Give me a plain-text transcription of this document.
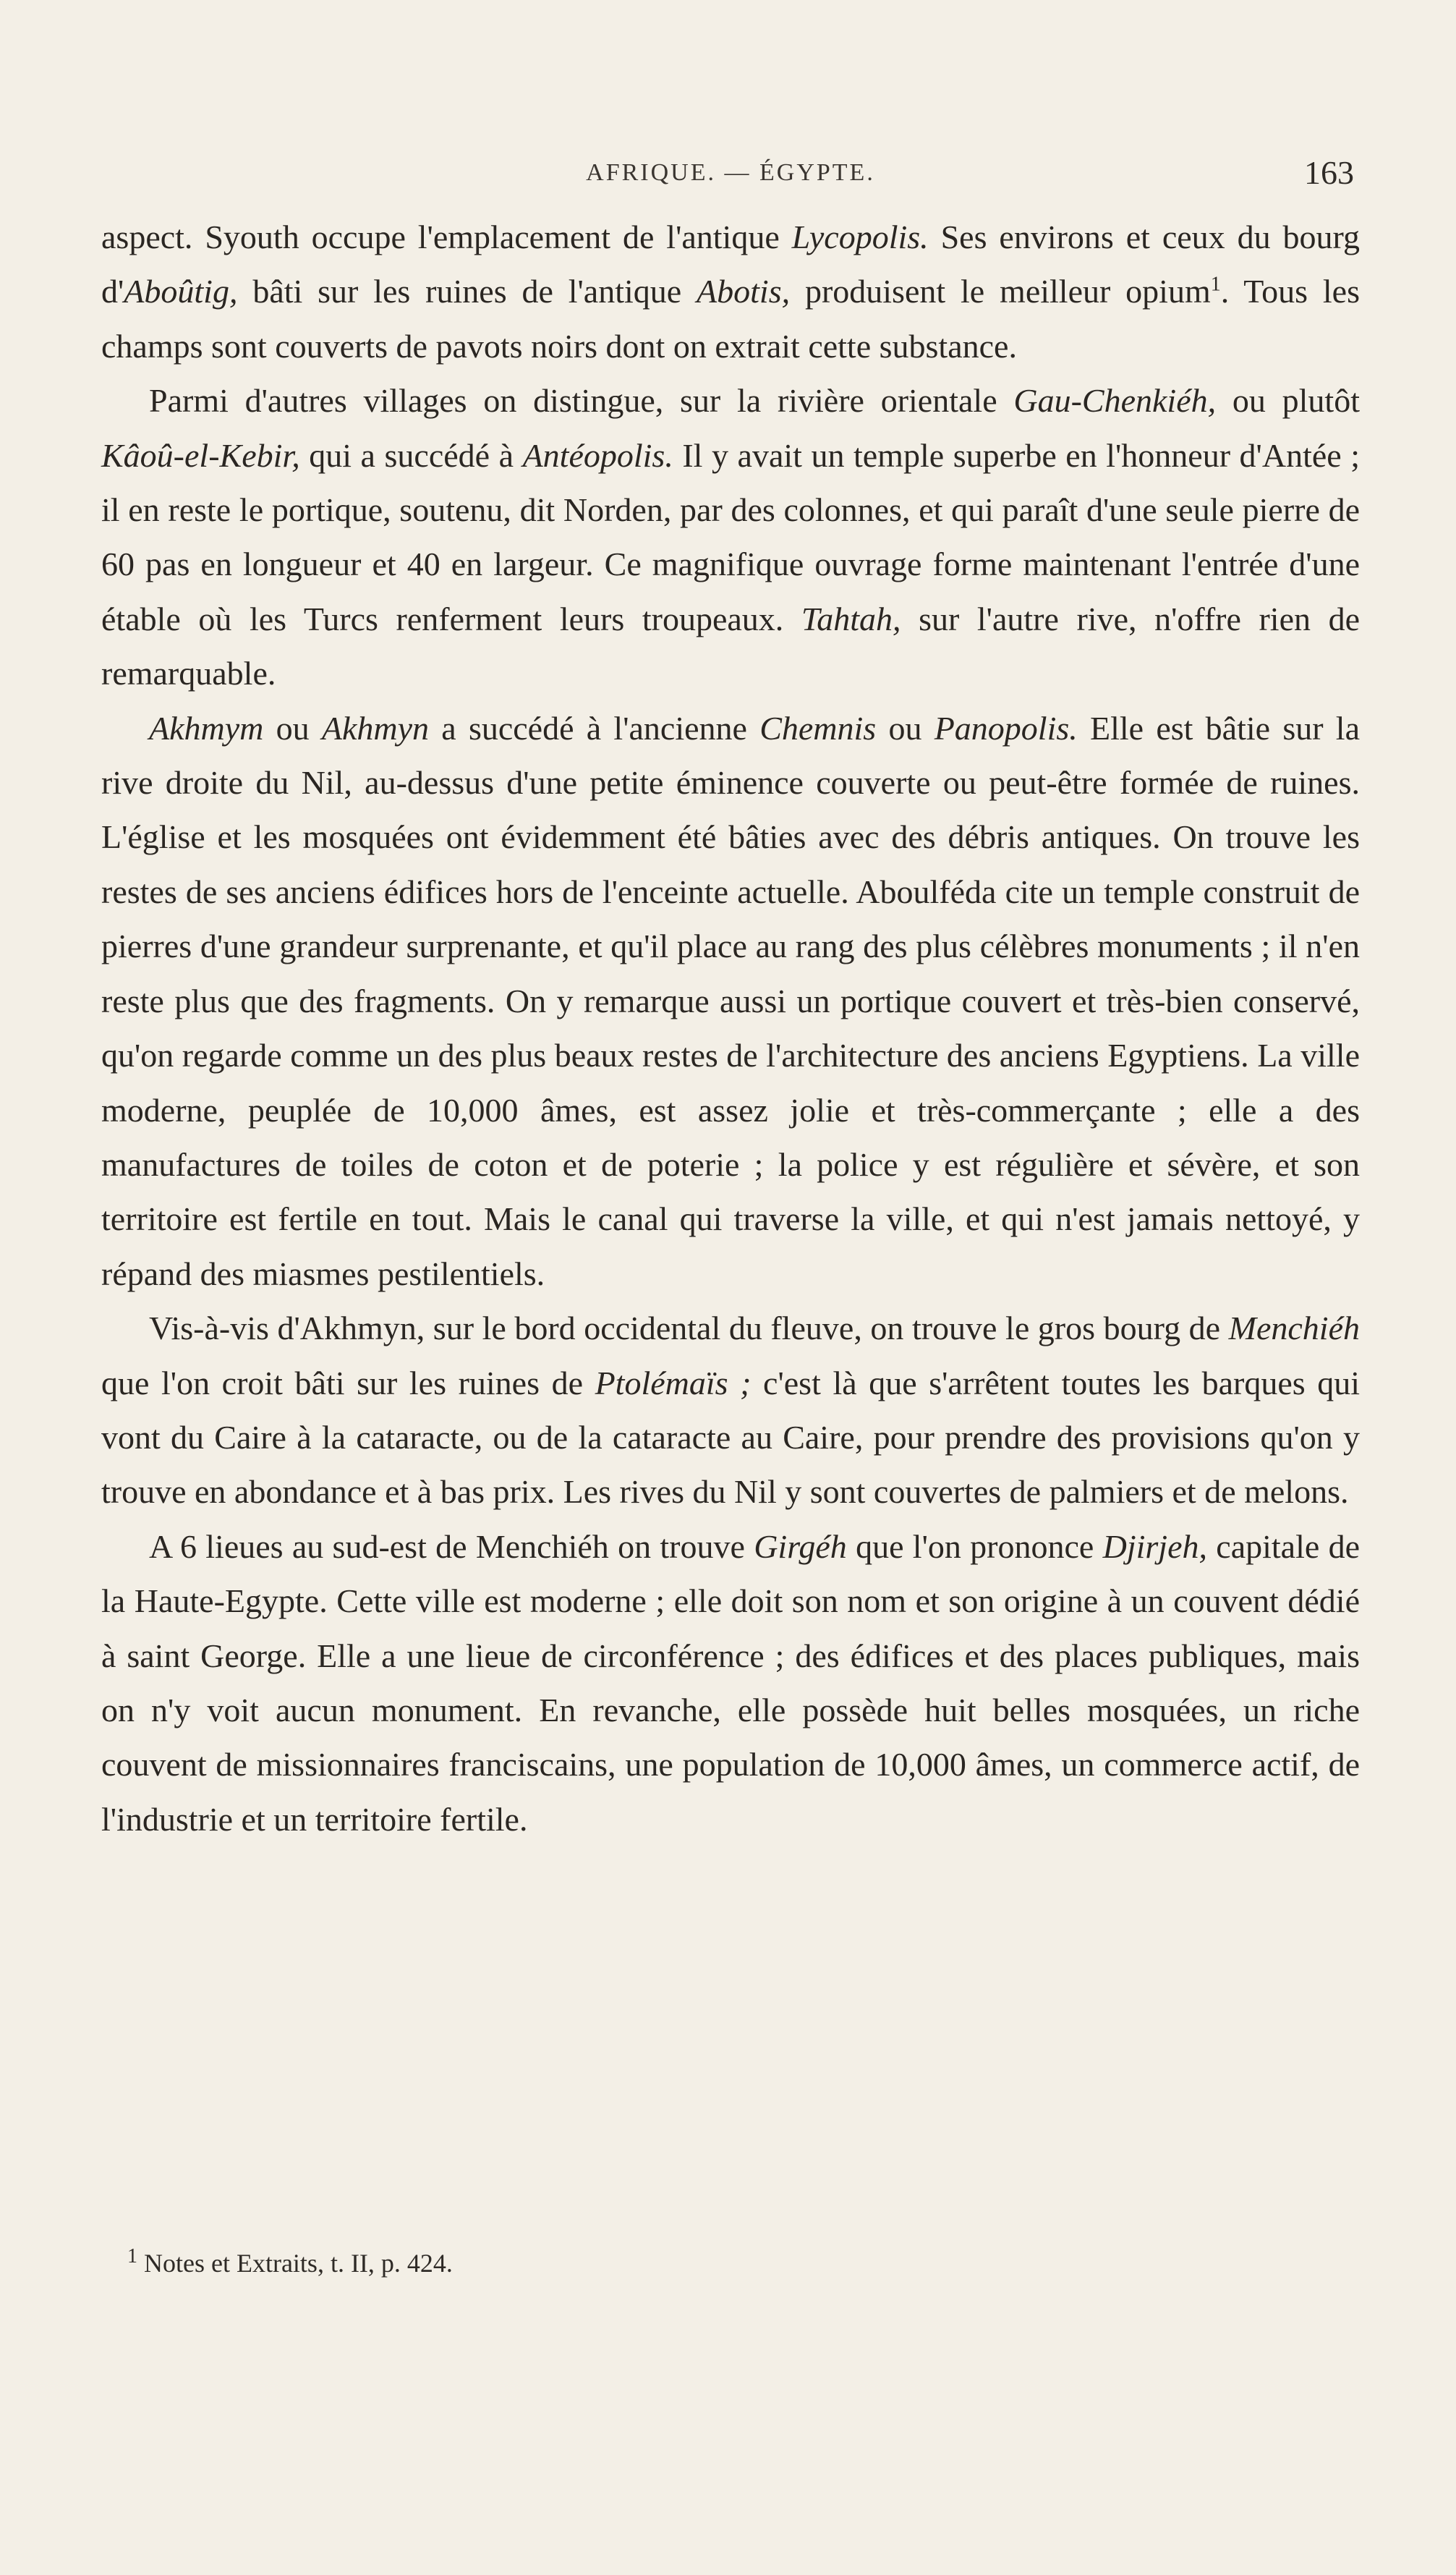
AFRIQUE. — ÉGYPTE.	163

aspect. Syouth occupe l'emplacement de l'antique Lycopolis. Ses environs et ceux du bourg d'Aboûtig, bâti sur les ruines de l'antique Abotis, produisent le meilleur opium$^1$. Tous les champs sont couverts de pavots noirs dont on extrait cette substance.

Parmi d'autres villages on distingue, sur la rivière orientale Gau-Chenkiéh, ou plutôt Kâoû-el-Kebir, qui a succédé à Antéopolis. Il y avait un temple superbe en l'honneur d'Antée ; il en reste le portique, soutenu, dit Norden, par des colonnes, et qui paraît d'une seule pierre de 60 pas en longueur et 40 en largeur. Ce magnifique ouvrage forme maintenant l'entrée d'une étable où les Turcs renferment leurs troupeaux. Tahtah, sur l'autre rive, n'offre rien de remarquable.

Akhmym ou Akhmyn a succédé à l'ancienne Chemnis ou Panopolis. Elle est bâtie sur la rive droite du Nil, au-dessus d'une petite éminence couverte ou peut-être formée de ruines. L'église et les mosquées ont évidemment été bâties avec des débris antiques. On trouve les restes de ses anciens édifices hors de l'enceinte actuelle. Aboulféda cite un temple construit de pierres d'une grandeur surprenante, et qu'il place au rang des plus célèbres monuments ; il n'en reste plus que des fragments. On y remarque aussi un portique couvert et très-bien conservé, qu'on regarde comme un des plus beaux restes de l'architecture des anciens Egyptiens. La ville moderne, peuplée de 10,000 âmes, est assez jolie et très-commerçante ; elle a des manufactures de toiles de coton et de poterie ; la police y est régulière et sévère, et son territoire est fertile en tout. Mais le canal qui traverse la ville, et qui n'est jamais nettoyé, y répand des miasmes pestilentiels.

Vis-à-vis d'Akhmyn, sur le bord occidental du fleuve, on trouve le gros bourg de Menchiéh que l'on croit bâti sur les ruines de Ptolémaïs ; c'est là que s'arrêtent toutes les barques qui vont du Caire à la cataracte, ou de la cataracte au Caire, pour prendre des provisions qu'on y trouve en abondance et à bas prix. Les rives du Nil y sont couvertes de palmiers et de melons.

A 6 lieues au sud-est de Menchiéh on trouve Girgéh que l'on prononce Djirjeh, capitale de la Haute-Egypte. Cette ville est moderne ; elle doit son nom et son origine à un couvent dédié à saint George. Elle a une lieue de circonférence ; des édifices et des places publiques, mais on n'y voit aucun monument. En revanche, elle possède huit belles mosquées, un riche couvent de missionnaires franciscains, une population de 10,000 âmes, un commerce actif, de l'industrie et un territoire fertile.

$^1$ Notes et Extraits, t. II, p. 424.
